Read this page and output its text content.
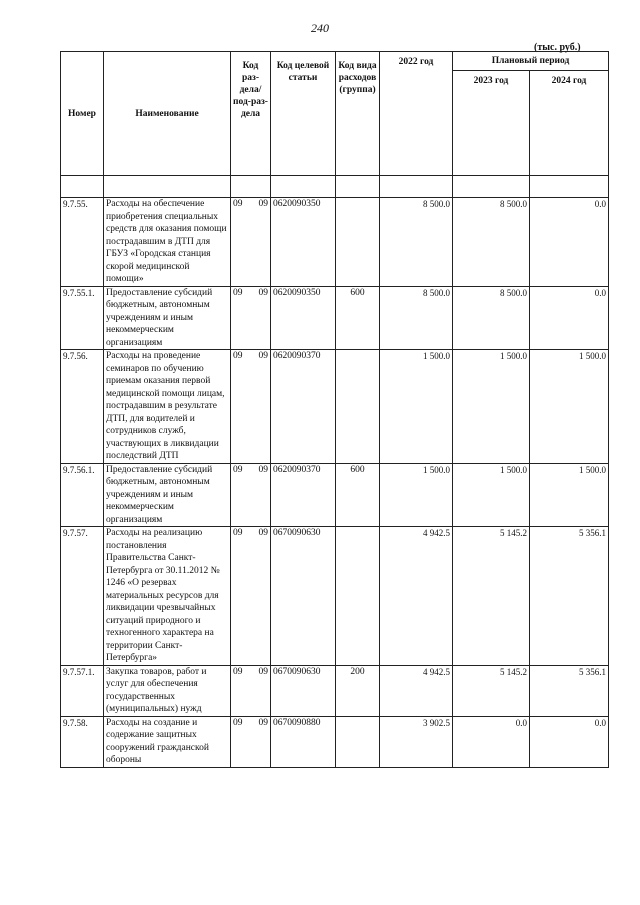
240
(тыс. руб.)
Номер	Наименование	Код раз-дела/ под-раз-дела	Код целевой статьи	Код вида расходов (группа)	2022 год	Плановый период	
						2023 год	2024 год

9.7.55.	Расходы на обеспечение приобретения специальных средств для оказания помощи пострадавшим в ДТП для ГБУЗ «Городская станция скорой медицинской помощи»	09 09	0620090350		8 500.0	8 500.0	0.0
9.7.55.1.	Предоставление субсидий бюджетным, автономным учреждениям и иным некоммерческим организациям	09 09	0620090350	600	8 500.0	8 500.0	0.0
9.7.56.	Расходы на проведение семинаров по обучению приемам оказания первой медицинской помощи лицам, пострадавшим в результате ДТП, для водителей и сотрудников служб, участвующих в ликвидации последствий ДТП	09 09	0620090370		1 500.0	1 500.0	1 500.0
9.7.56.1.	Предоставление субсидий бюджетным, автономным учреждениям и иным некоммерческим организациям	09 09	0620090370	600	1 500.0	1 500.0	1 500.0
9.7.57.	Расходы на реализацию постановления Правительства Санкт-Петербурга от 30.11.2012 № 1246 «О резервах материальных ресурсов для ликвидации чрезвычайных ситуаций природного и техногенного характера на территории Санкт-Петербурга»	09 09	0670090630		4 942.5	5 145.2	5 356.1
9.7.57.1.	Закупка товаров, работ и услуг для обеспечения государственных (муниципальных) нужд	09 09	0670090630	200	4 942.5	5 145.2	5 356.1
9.7.58.	Расходы на создание и содержание защитных сооружений гражданской обороны	09 09	0670090880		3 902.5	0.0	0.0
